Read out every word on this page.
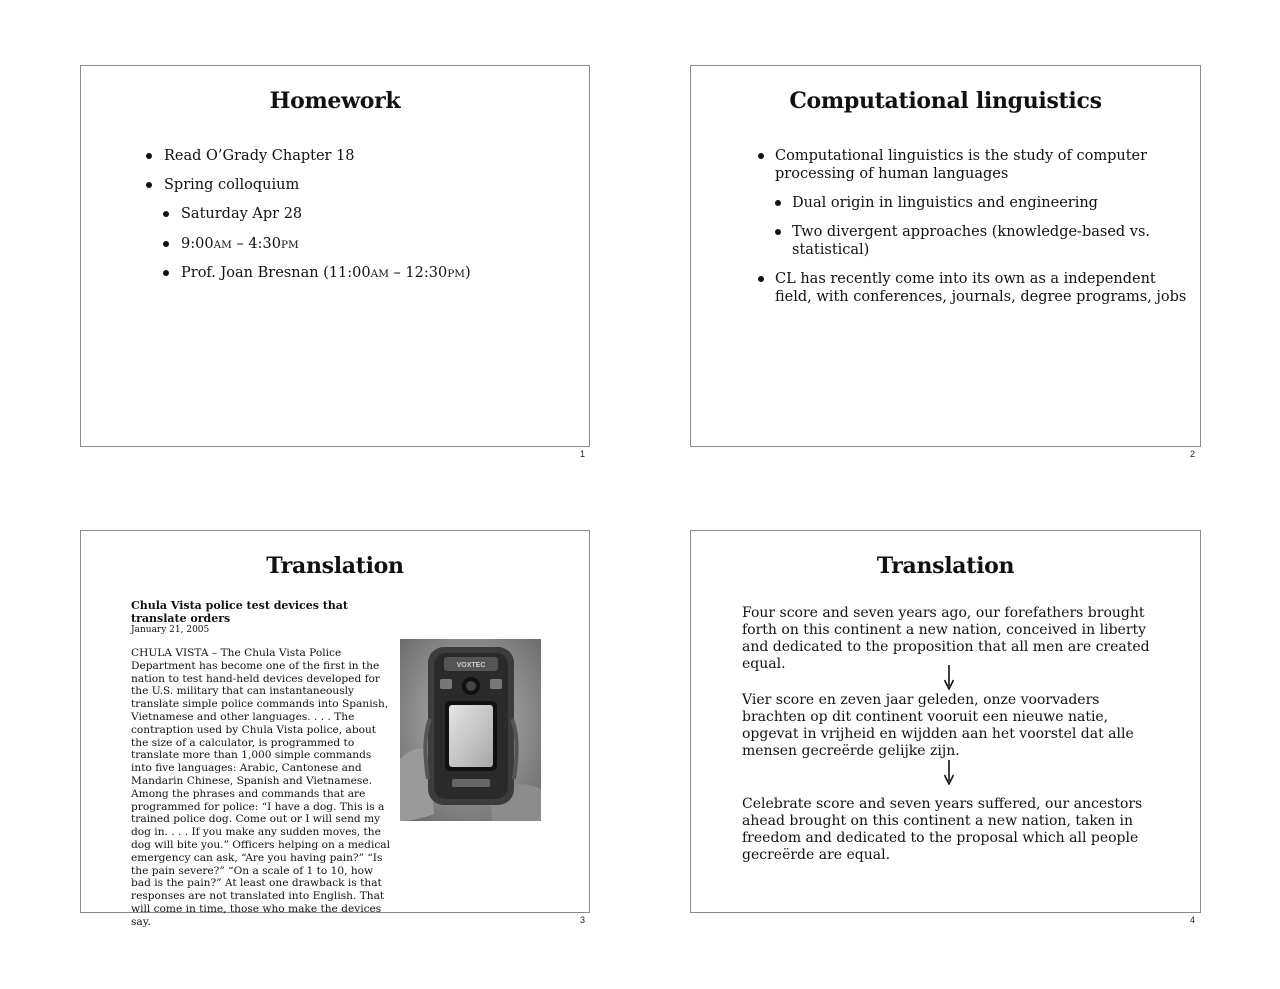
Homework
Read O’Grady Chapter 18
Spring colloquium
Saturday Apr 28
9:00AM – 4:30PM
Prof. Joan Bresnan (11:00AM – 12:30PM)
1
Computational linguistics
Computational linguistics is the study of computer
processing of human languages
Dual origin in linguistics and engineering
Two divergent approaches (knowledge-based vs.
statistical)
CL has recently come into its own as a independent
field, with conferences, journals, degree programs, jobs
2
Translation
Chula Vista police test devices that translate orders
January 21, 2005
CHULA VISTA – The Chula Vista Police Department has become one of the first in the nation to test hand-held devices developed for the U.S. military that can instantaneously translate simple police commands into Spanish, Vietnamese and other languages. . . . The contraption used by Chula Vista police, about the size of a calculator, is programmed to translate more than 1,000 simple commands into five languages: Arabic, Cantonese and Mandarin Chinese, Spanish and Vietnamese. Among the phrases and commands that are programmed for police: “I have a dog. This is a trained police dog. Come out or I will send my dog in. . . . If you make any sudden moves, the dog will bite you.” Officers helping on a medical emergency can ask, “Are you having pain?” “Is the pain severe?” “On a scale of 1 to 10, how bad is the pain?” At least one drawback is that responses are not translated into English. That will come in time, those who make the devices say.
VOXTEC
3
Translation
Four score and seven years ago, our forefathers brought forth on this continent a new nation, conceived in liberty and dedicated to the proposition that all men are created equal.
Vier score en zeven jaar geleden, onze voorvaders brachten op dit continent vooruit een nieuwe natie, opgevat in vrijheid en wijdden aan het voorstel dat alle mensen gecreërde gelijke zijn.
Celebrate score and seven years suffered, our ancestors ahead brought on this continent a new nation, taken in freedom and dedicated to the proposal which all people gecreërde are equal.
4
